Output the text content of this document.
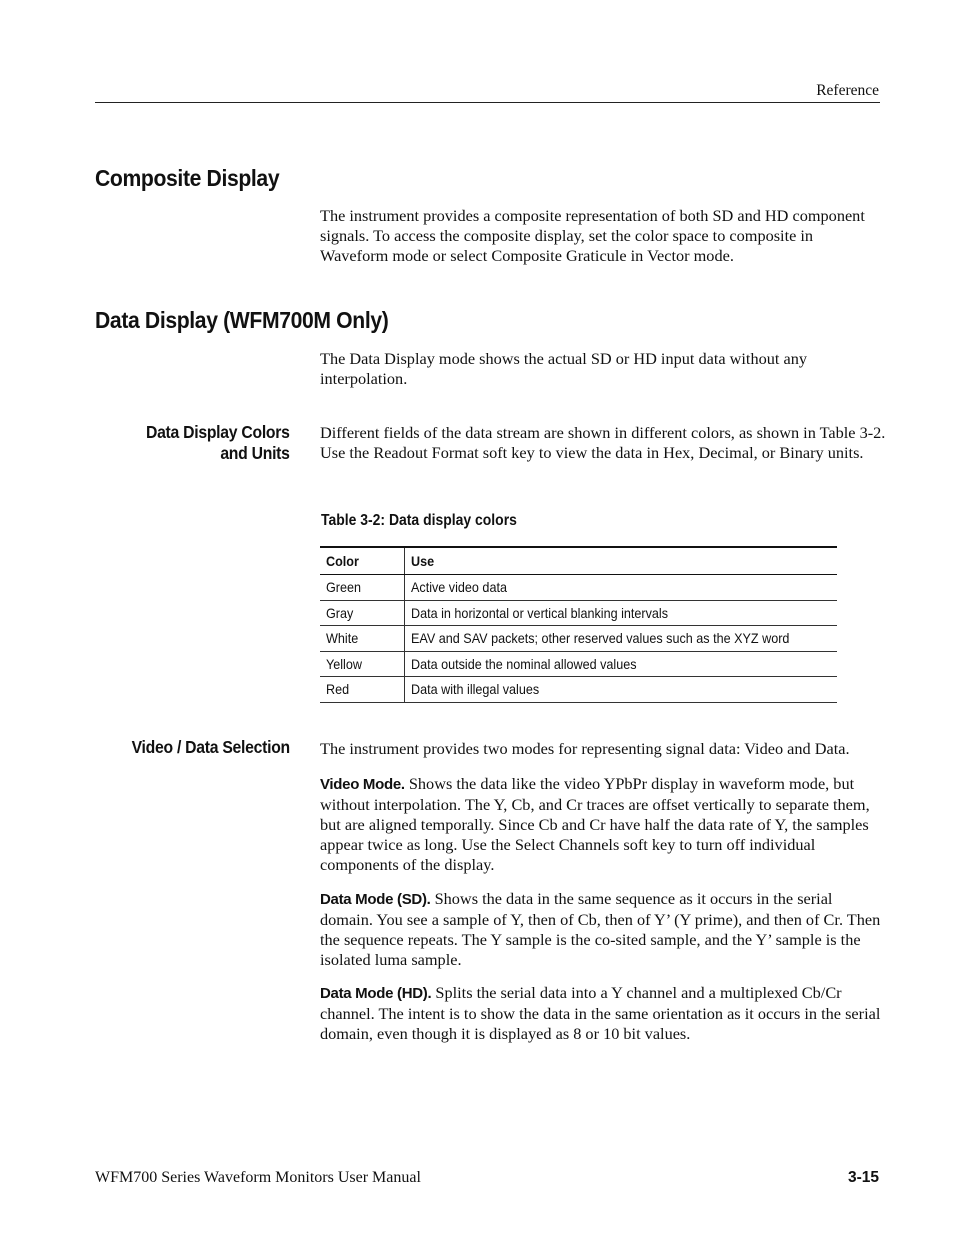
Reference
Composite Display
The instrument provides a composite representation of both SD and HD component signals. To access the composite display, set the color space to composite in Waveform mode or select Composite Graticule in Vector mode.
Data Display (WFM700M Only)
The Data Display mode shows the actual SD or HD input data without any interpolation.
Data Display Colors
and Units
Different fields of the data stream are shown in different colors, as shown in Table 3-2. Use the Readout Format soft key to view the data in Hex, Decimal, or Binary units.
Table 3-2: Data display colors
Color	Use
Green	Active video data
Gray	Data in horizontal or vertical blanking intervals
White	EAV and SAV packets; other reserved values such as the XYZ word
Yellow	Data outside the nominal allowed values
Red	Data with illegal values
Video / Data Selection The instrument provides two modes for representing signal data: Video and Data.
Video Mode. Shows the data like the video YPbPr display in waveform mode, but without interpolation. The Y, Cb, and Cr traces are offset vertically to separate them, but are aligned temporally. Since Cb and Cr have half the data rate of Y, the samples appear twice as long. Use the Select Channels soft key to turn off individual components of the display.
Data Mode (SD). Shows the data in the same sequence as it occurs in the serial domain. You see a sample of Y, then of Cb, then of Y’ (Y prime), and then of Cr. Then the sequence repeats. The Y sample is the co-sited sample, and the Y’ sample is the isolated luma sample.
Data Mode (HD). Splits the serial data into a Y channel and a multiplexed Cb/Cr channel. The intent is to show the data in the same orientation as it occurs in the serial domain, even though it is displayed as 8 or 10 bit values.
WFM700 Series Waveform Monitors User Manual	3-15
